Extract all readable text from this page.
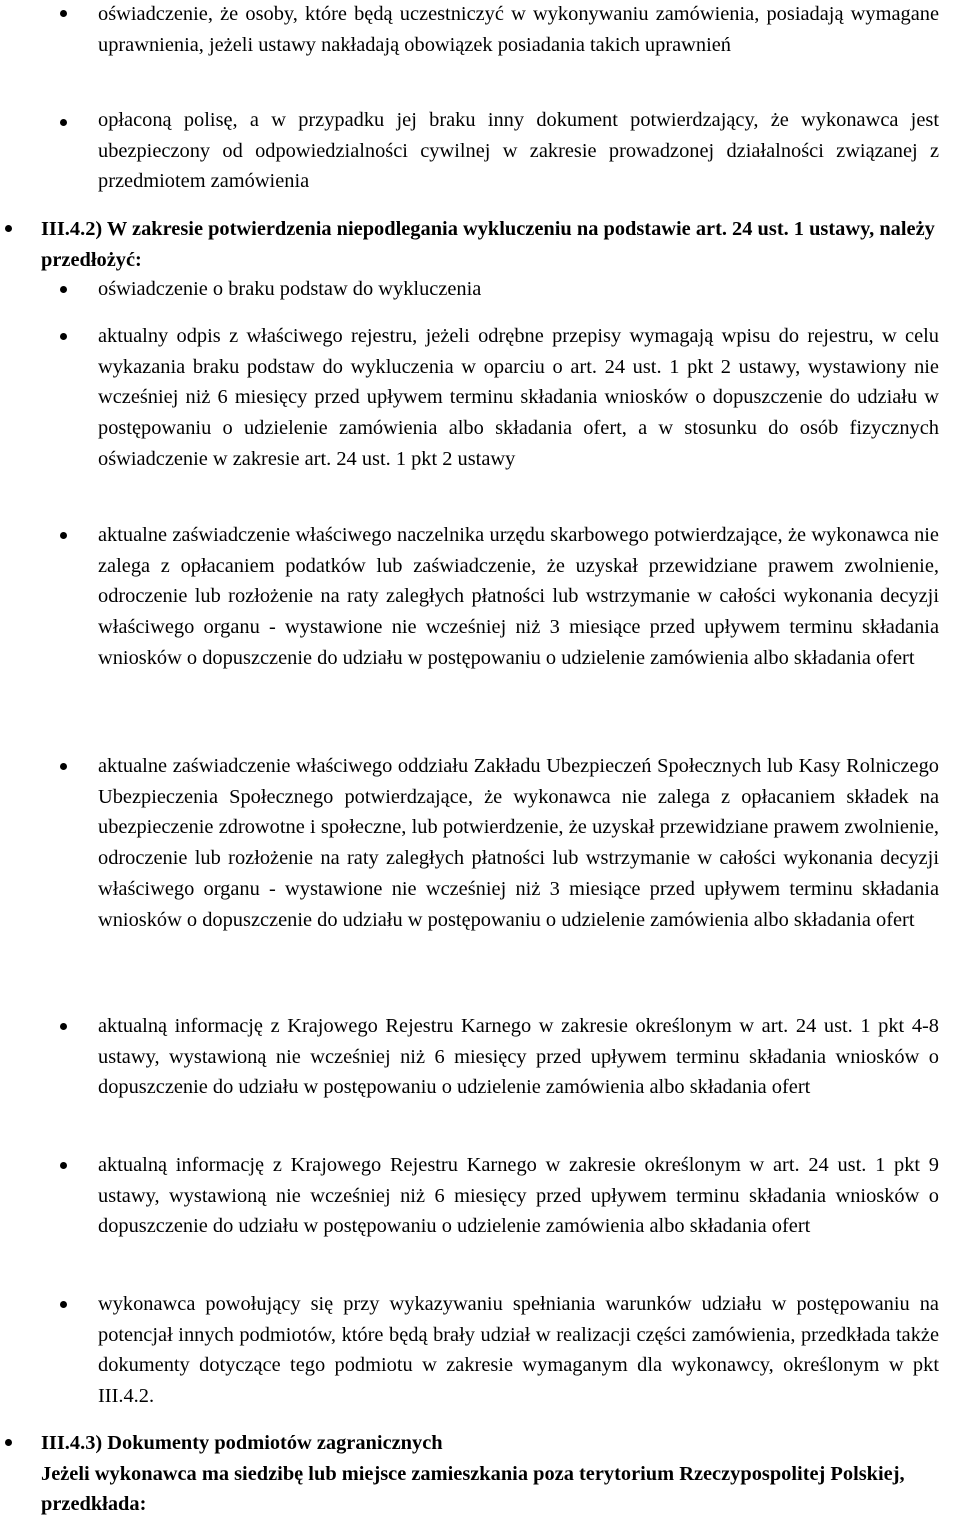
oświadczenie, że osoby, które będą uczestniczyć w wykonywaniu zamówienia, posiadają wymagane uprawnienia, jeżeli ustawy nakładają obowiązek posiadania takich uprawnień
opłaconą polisę, a w przypadku jej braku inny dokument potwierdzający, że wykonawca jest ubezpieczony od odpowiedzialności cywilnej w zakresie prowadzonej działalności związanej z przedmiotem zamówienia
III.4.2) W zakresie potwierdzenia niepodlegania wykluczeniu na podstawie art. 24 ust. 1 ustawy, należy przedłożyć:
oświadczenie o braku podstaw do wykluczenia
aktualny odpis z właściwego rejestru, jeżeli odrębne przepisy wymagają wpisu do rejestru, w celu wykazania braku podstaw do wykluczenia w oparciu o art. 24 ust. 1 pkt 2 ustawy, wystawiony nie wcześniej niż 6 miesięcy przed upływem terminu składania wniosków o dopuszczenie do udziału w postępowaniu o udzielenie zamówienia albo składania ofert, a w stosunku do osób fizycznych oświadczenie w zakresie art. 24 ust. 1 pkt 2 ustawy
aktualne zaświadczenie właściwego naczelnika urzędu skarbowego potwierdzające, że wykonawca nie zalega z opłacaniem podatków lub zaświadczenie, że uzyskał przewidziane prawem zwolnienie, odroczenie lub rozłożenie na raty zaległych płatności lub wstrzymanie w całości wykonania decyzji właściwego organu - wystawione nie wcześniej niż 3 miesiące przed upływem terminu składania wniosków o dopuszczenie do udziału w postępowaniu o udzielenie zamówienia albo składania ofert
aktualne zaświadczenie właściwego oddziału Zakładu Ubezpieczeń Społecznych lub Kasy Rolniczego Ubezpieczenia Społecznego potwierdzające, że wykonawca nie zalega z opłacaniem składek na ubezpieczenie zdrowotne i społeczne, lub potwierdzenie, że uzyskał przewidziane prawem zwolnienie, odroczenie lub rozłożenie na raty zaległych płatności lub wstrzymanie w całości wykonania decyzji właściwego organu - wystawione nie wcześniej niż 3 miesiące przed upływem terminu składania wniosków o dopuszczenie do udziału w postępowaniu o udzielenie zamówienia albo składania ofert
aktualną informację z Krajowego Rejestru Karnego w zakresie określonym w art. 24 ust. 1 pkt 4-8 ustawy, wystawioną nie wcześniej niż 6 miesięcy przed upływem terminu składania wniosków o dopuszczenie do udziału w postępowaniu o udzielenie zamówienia albo składania ofert
aktualną informację z Krajowego Rejestru Karnego w zakresie określonym w art. 24 ust. 1 pkt 9 ustawy, wystawioną nie wcześniej niż 6 miesięcy przed upływem terminu składania wniosków o dopuszczenie do udziału w postępowaniu o udzielenie zamówienia albo składania ofert
wykonawca powołujący się przy wykazywaniu spełniania warunków udziału w postępowaniu na potencjał innych podmiotów, które będą brały udział w realizacji części zamówienia, przedkłada także dokumenty dotyczące tego podmiotu w zakresie wymaganym dla wykonawcy, określonym w pkt III.4.2.
III.4.3) Dokumenty podmiotów zagranicznych
Jeżeli wykonawca ma siedzibę lub miejsce zamieszkania poza terytorium Rzeczypospolitej Polskiej, przedkłada:
